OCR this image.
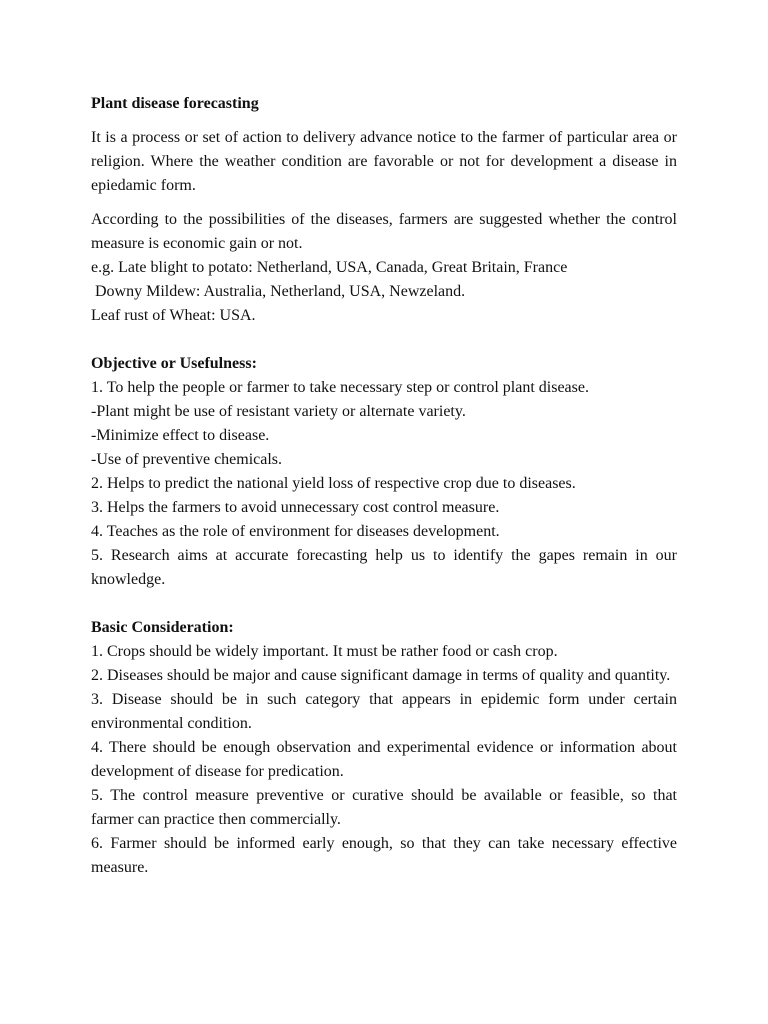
Plant disease forecasting

It is a process or set of action to delivery advance notice to the farmer of particular area or religion. Where the weather condition are favorable or not for development a disease in epiedamic form.

According to the possibilities of the diseases, farmers are suggested whether the control measure is economic gain or not.
e.g. Late blight to potato: Netherland, USA, Canada, Great Britain, France
Downy Mildew: Australia, Netherland, USA, Newzeland.
Leaf rust of Wheat: USA.
Objective or Usefulness:
1. To help the people or farmer to take necessary step or control plant disease.
-Plant might be use of resistant variety or alternate variety.
-Minimize effect to disease.
-Use of preventive chemicals.
2. Helps to predict the national yield loss of respective crop due to diseases.
3. Helps the farmers to avoid unnecessary cost control measure.
4. Teaches as the role of environment for diseases development.
5. Research aims at accurate forecasting help us to identify the gapes remain in our knowledge.
Basic Consideration:
1. Crops should be widely important. It must be rather food or cash crop.
2. Diseases should be major and cause significant damage in terms of quality and quantity.
3. Disease should be in such category that appears in epidemic form under certain environmental condition.
4. There should be enough observation and experimental evidence or information about development of disease for predication.
5. The control measure preventive or curative should be available or feasible, so that farmer can practice then commercially.
6. Farmer should be informed early enough, so that they can take necessary effective measure.
